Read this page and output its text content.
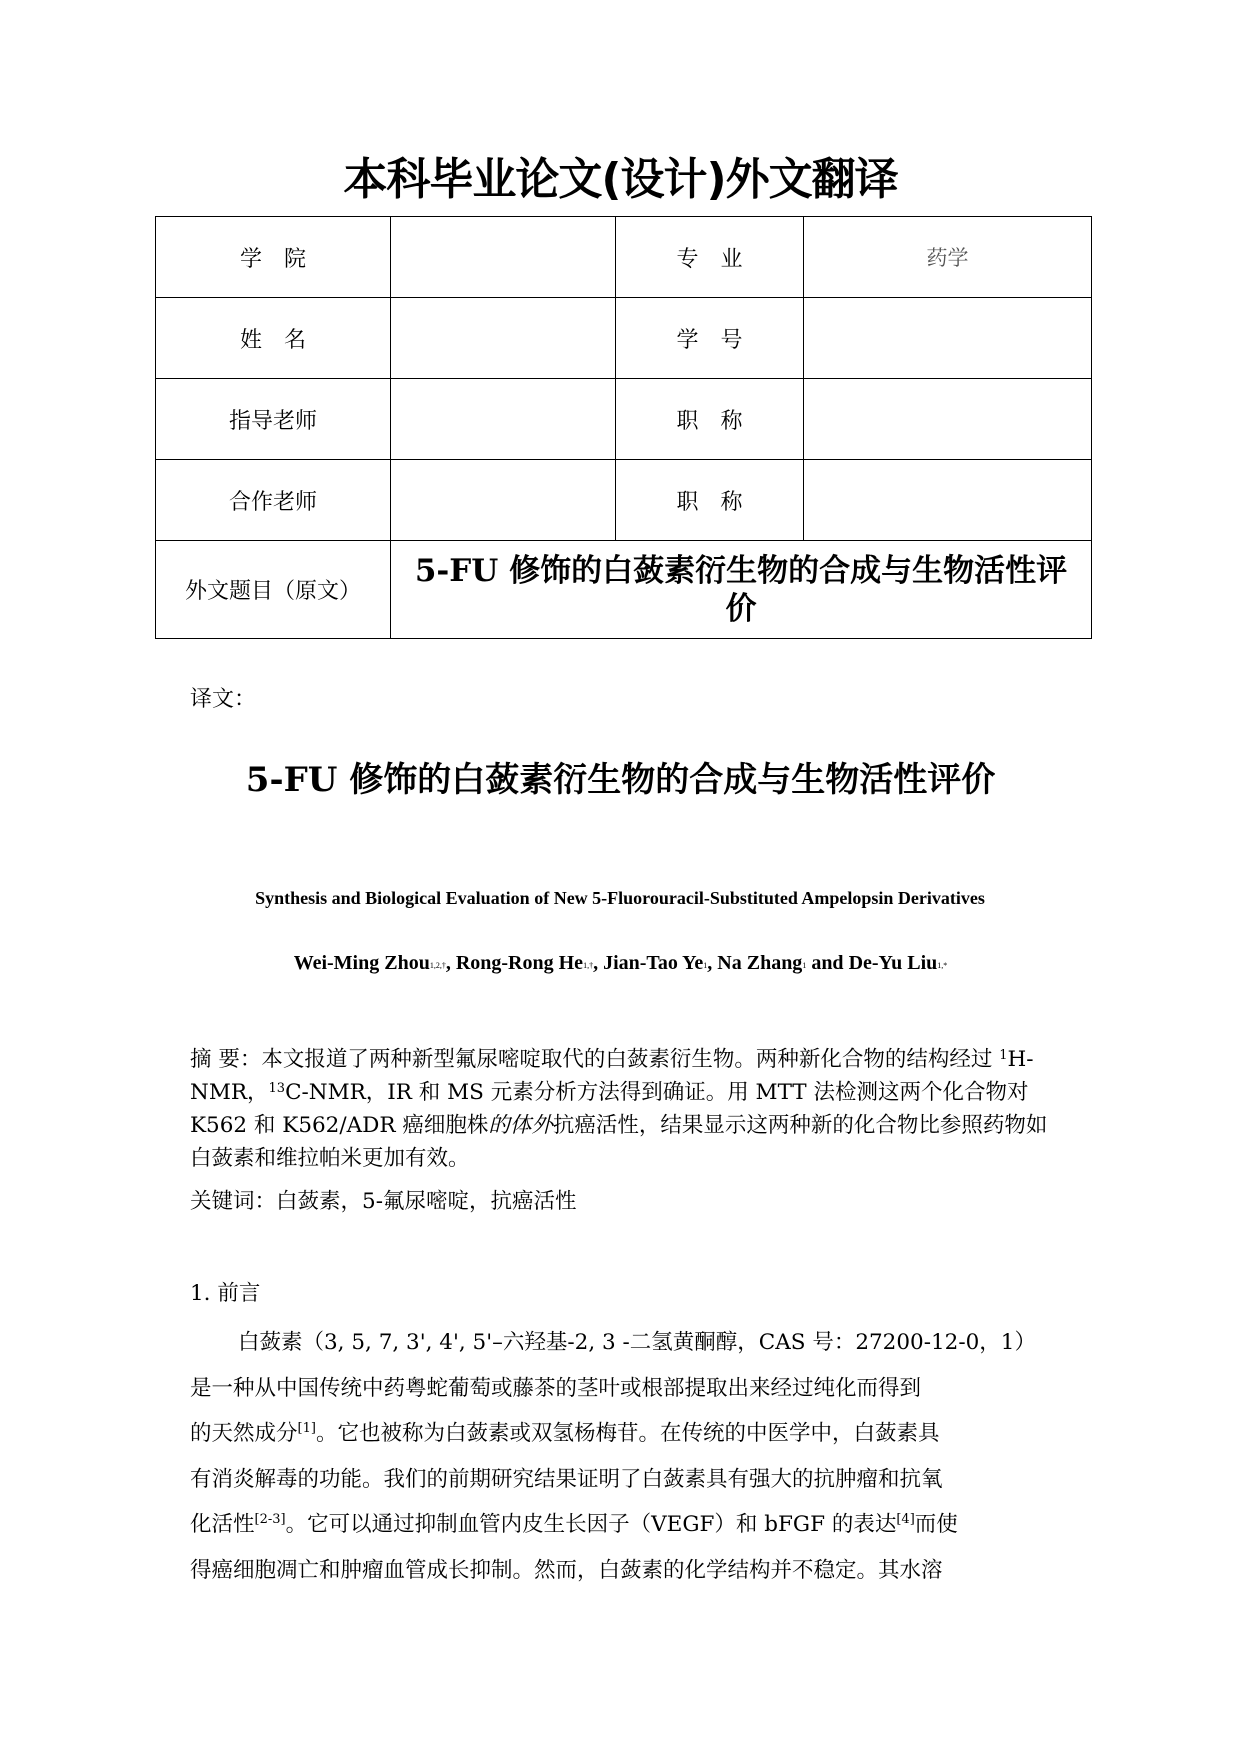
本科毕业论文(设计)外文翻译
学　院		专　业	药学
姓　名		学　号	
指导老师		职　称	
合作老师		职　称	
外文题目（原文）	5-FU 修饰的白蔹素衍生物的合成与生物活性评价		
译文：
5-FU 修饰的白蔹素衍生物的合成与生物活性评价
Synthesis and Biological Evaluation of New 5-Fluorouracil-Substituted Ampelopsin Derivatives
Wei-Ming Zhou$^{1,2,\dagger}$, Rong-Rong $He^{1,\dagger}$, Jian-Tao Ye$^1$, Na Zhang$^1$ and De-Yu Liu$^{1,*}$
摘 要：本文报道了两种新型氟尿嘧啶取代的白蔹素衍生物。两种新化合物的结构经过 $^1$H-NMR，$^{13}$C-NMR，IR 和 MS 元素分析方法得到确证。用 MTT 法检测这两个化合物对 K562 和 K562/ADR 癌细胞株的体外抗癌活性，结果显示这两种新的化合物比参照药物如白蔹素和维拉帕米更加有效。
关键词：白蔹素，5-氟尿嘧啶，抗癌活性
1. 前言
白蔹素（3, 5, 7, 3', 4', 5'–六羟基-2, 3 -二氢黄酮醇，CAS 号：27200-12-0，1）
是一种从中国传统中药粤蛇葡萄或藤茶的茎叶或根部提取出来经过纯化而得到
的天然成分[1]。它也被称为白蔹素或双氢杨梅苷。在传统的中医学中，白蔹素具
有消炎解毒的功能。我们的前期研究结果证明了白蔹素具有强大的抗肿瘤和抗氧
化活性[2-3]。它可以通过抑制血管内皮生长因子（VEGF）和 bFGF 的表达[4]而使
得癌细胞凋亡和肿瘤血管成长抑制。然而，白蔹素的化学结构并不稳定。其水溶
